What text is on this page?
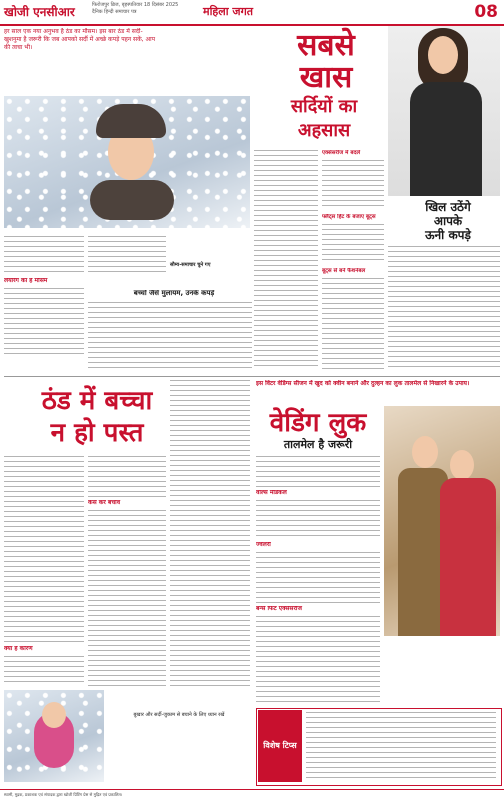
खोजी एनसीआर	फिरोजपुर ब्रिज, बृहस्पतिवार 18 दिसंबर 2025
दैनिक हिन्दी समाचार पत्र	महिला जगत	08
हर साल एक नया अनुभव है ठंड का मौसम। इस बार ठंड में सर्दी-खुशनुमा है जरूरी कि जब आपको सर्दी में अच्छे कपड़े पहन सकें, आप की त्वचा भी।	सबसे
खास
सर्दियों का
अहसास
खिल उठेंगे
आपके
ऊनी कपड़े
लेयरिंग का है मौसम
सौम्य-समाचार चुने गए
एक्सेसरीज में बदलें
फ्लैट्स हिट के बजाए बूट्स
बूट्स से बने फैशनेबल
बच्चों जैसे मुलायम, उनके कपड़े
ठंड में बच्चा
न हो पस्त
क्या है कारण
कैसे करें बचाव
बुखार और सर्दी-जुकाम से बचाने के लिए ध्यान रखें
इस विंटर वेडिंग्स सीजन में खुद को क्वीन बनाने और दुल्हन का लुक तालमेल से निखारने के उपाय।
वेडिंग लुक
तालमेल है जरूरी
वाल्स मेडिकल
ज्वेलरी
बर्न्स फिट एक्सेसरीज
विशेष टिप्स
स्वामी, मुद्रक, प्रकाशक एवं संपादक द्वारा खोजी प्रिंटिंग प्रेस से मुद्रित एवं प्रकाशित।
